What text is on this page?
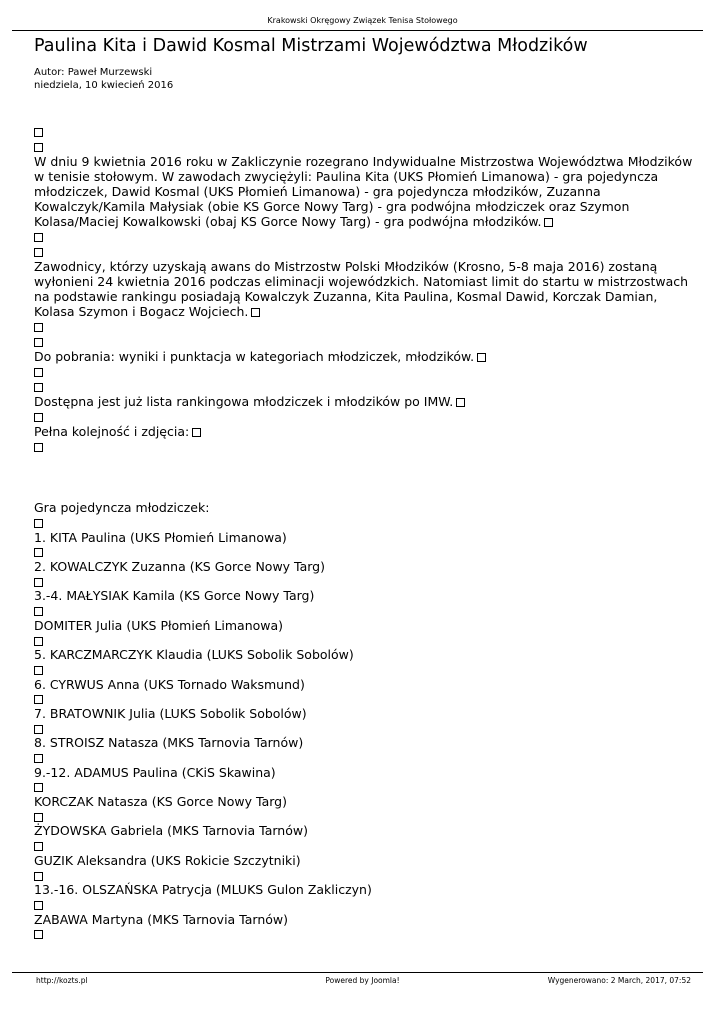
Krakowski Okręgowy Związek Tenisa Stołowego
Paulina Kita i Dawid Kosmal Mistrzami Województwa Młodzików
Autor: Paweł Murzewski
niedziela, 10 kwiecień 2016
W dniu 9 kwietnia 2016 roku w Zakliczynie rozegrano Indywidualne Mistrzostwa Województwa Młodzików w tenisie stołowym. W zawodach zwyciężyli: Paulina Kita (UKS Płomień Limanowa) - gra pojedyncza młodziczek, Dawid Kosmal (UKS Płomień Limanowa) - gra pojedyncza młodzików, Zuzanna Kowalczyk/Kamila Małysiak (obie KS Gorce Nowy Targ) - gra podwójna młodziczek oraz Szymon Kolasa/Maciej Kowalkowski (obaj KS Gorce Nowy Targ) - gra podwójna młodzików.
Zawodnicy, którzy uzyskają awans do Mistrzostw Polski Młodzików (Krosno, 5-8 maja 2016) zostaną wyłonieni 24 kwietnia 2016 podczas eliminacji wojewódzkich. Natomiast limit do startu w mistrzostwach na podstawie rankingu posiadają Kowalczyk Zuzanna, Kita Paulina, Kosmal Dawid, Korczak Damian, Kolasa Szymon i Bogacz Wojciech.
Do pobrania: wyniki i punktacja w kategoriach młodziczek, młodzików.
Dostępna jest już lista rankingowa młodziczek i młodzików po IMW.
Pełna kolejność i zdjęcia:
Gra pojedyncza młodziczek:
1. KITA Paulina (UKS Płomień Limanowa)
2. KOWALCZYK Zuzanna (KS Gorce Nowy Targ)
3.-4. MAŁYSIAK Kamila (KS Gorce Nowy Targ)
DOMITER Julia (UKS Płomień Limanowa)
5. KARCZMARCZYK Klaudia (LUKS Sobolik Sobolów)
6. CYRWUS Anna (UKS Tornado Waksmund)
7. BRATOWNIK Julia (LUKS Sobolik Sobolów)
8. STROISZ Natasza (MKS Tarnovia Tarnów)
9.-12. ADAMUS Paulina (CKiS Skawina)
KORCZAK Natasza (KS Gorce Nowy Targ)
ŻYDOWSKA Gabriela (MKS Tarnovia Tarnów)
GUZIK Aleksandra (UKS Rokicie Szczytniki)
13.-16. OLSZAŃSKA Patrycja (MLUKS Gulon Zakliczyn)
ZABAWA Martyna (MKS Tarnovia Tarnów)
http://kozts.pl	Powered by Joomla!	Wygenerowano: 2 March, 2017, 07:52
